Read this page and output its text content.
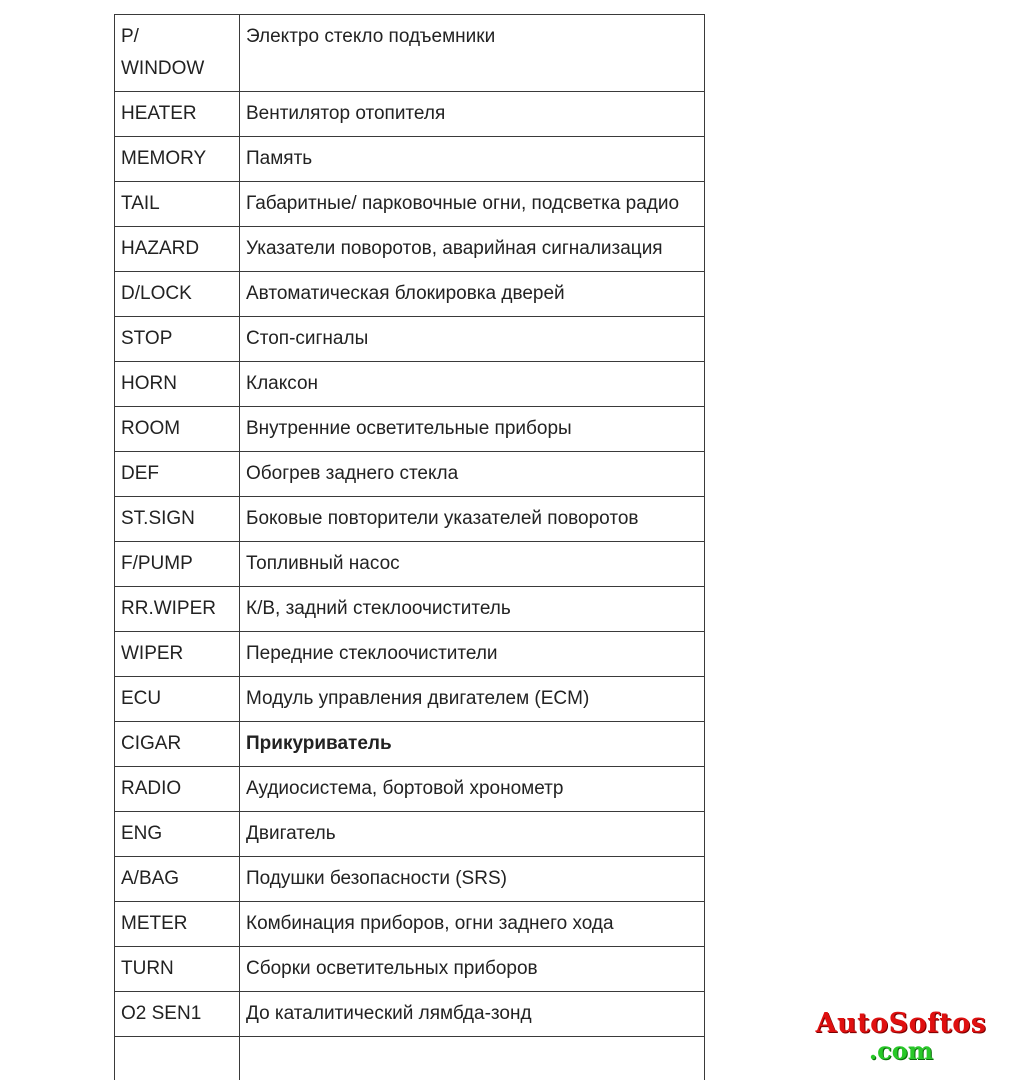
P/
WINDOW	Электро стекло подъемники
HEATER	Вентилятор отопителя
MEMORY	Память
TAIL	Габаритные/ парковочные огни, подсветка радио
HAZARD	Указатели поворотов, аварийная сигнализация
D/LOCK	Автоматическая блокировка дверей
STOP	Стоп-сигналы
HORN	Клаксон
ROOM	Внутренние осветительные приборы
DEF	Обогрев заднего стекла
ST.SIGN	Боковые повторители указателей поворотов
F/PUMP	Топливный насос
RR.WIPER	К/В, задний стеклоочиститель
WIPER	Передние стеклоочистители
ECU	Модуль управления двигателем (ECM)
CIGAR	Прикуриватель
RADIO	Аудиосистема, бортовой хронометр
ENG	Двигатель
A/BAG	Подушки безопасности (SRS)
METER	Комбинация приборов, огни заднего хода
TURN	Сборки осветительных приборов
O2 SEN1	До каталитический лямбда-зонд
		AutoSoftos
.com
